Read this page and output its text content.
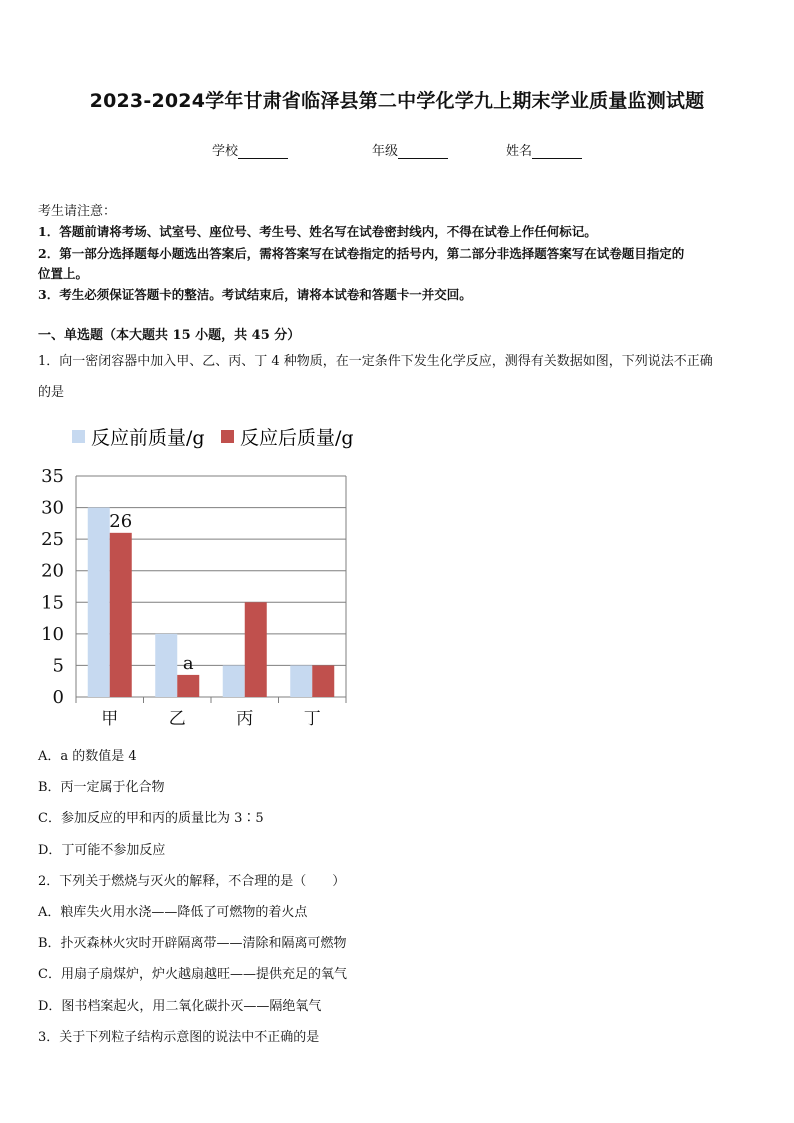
2023-2024学年甘肃省临泽县第二中学化学九上期末学业质量监测试题
学校	年级	姓名
考生请注意：
1．答题前请将考场、试室号、座位号、考生号、姓名写在试卷密封线内，不得在试卷上作任何标记。
2．第一部分选择题每小题选出答案后，需将答案写在试卷指定的括号内，第二部分非选择题答案写在试卷题目指定的
位置上。
3．考生必须保证答题卡的整洁。考试结束后，请将本试卷和答题卡一并交回。
一、单选题（本大题共 15 小题，共 45 分）
1．向一密闭容器中加入甲、乙、丙、丁 4 种物质，在一定条件下发生化学反应，测得有关数据如图，下列说法不正确
的是
反应前质量/g 反应后质量/g
35
30
25
20
15
10
5
0
26
a
甲	乙	丙	丁
A．a 的数值是 4
B．丙一定属于化合物
C．参加反应的甲和丙的质量比为 3∶5
D．丁可能不参加反应
2．下列关于燃烧与灭火的解释，不合理的是（　　）
A．粮库失火用水浇——降低了可燃物的着火点
B．扑灭森林火灾时开辟隔离带——清除和隔离可燃物
C．用扇子扇煤炉，炉火越扇越旺——提供充足的氧气
D．图书档案起火，用二氧化碳扑灭——隔绝氧气
3．关于下列粒子结构示意图的说法中不正确的是
